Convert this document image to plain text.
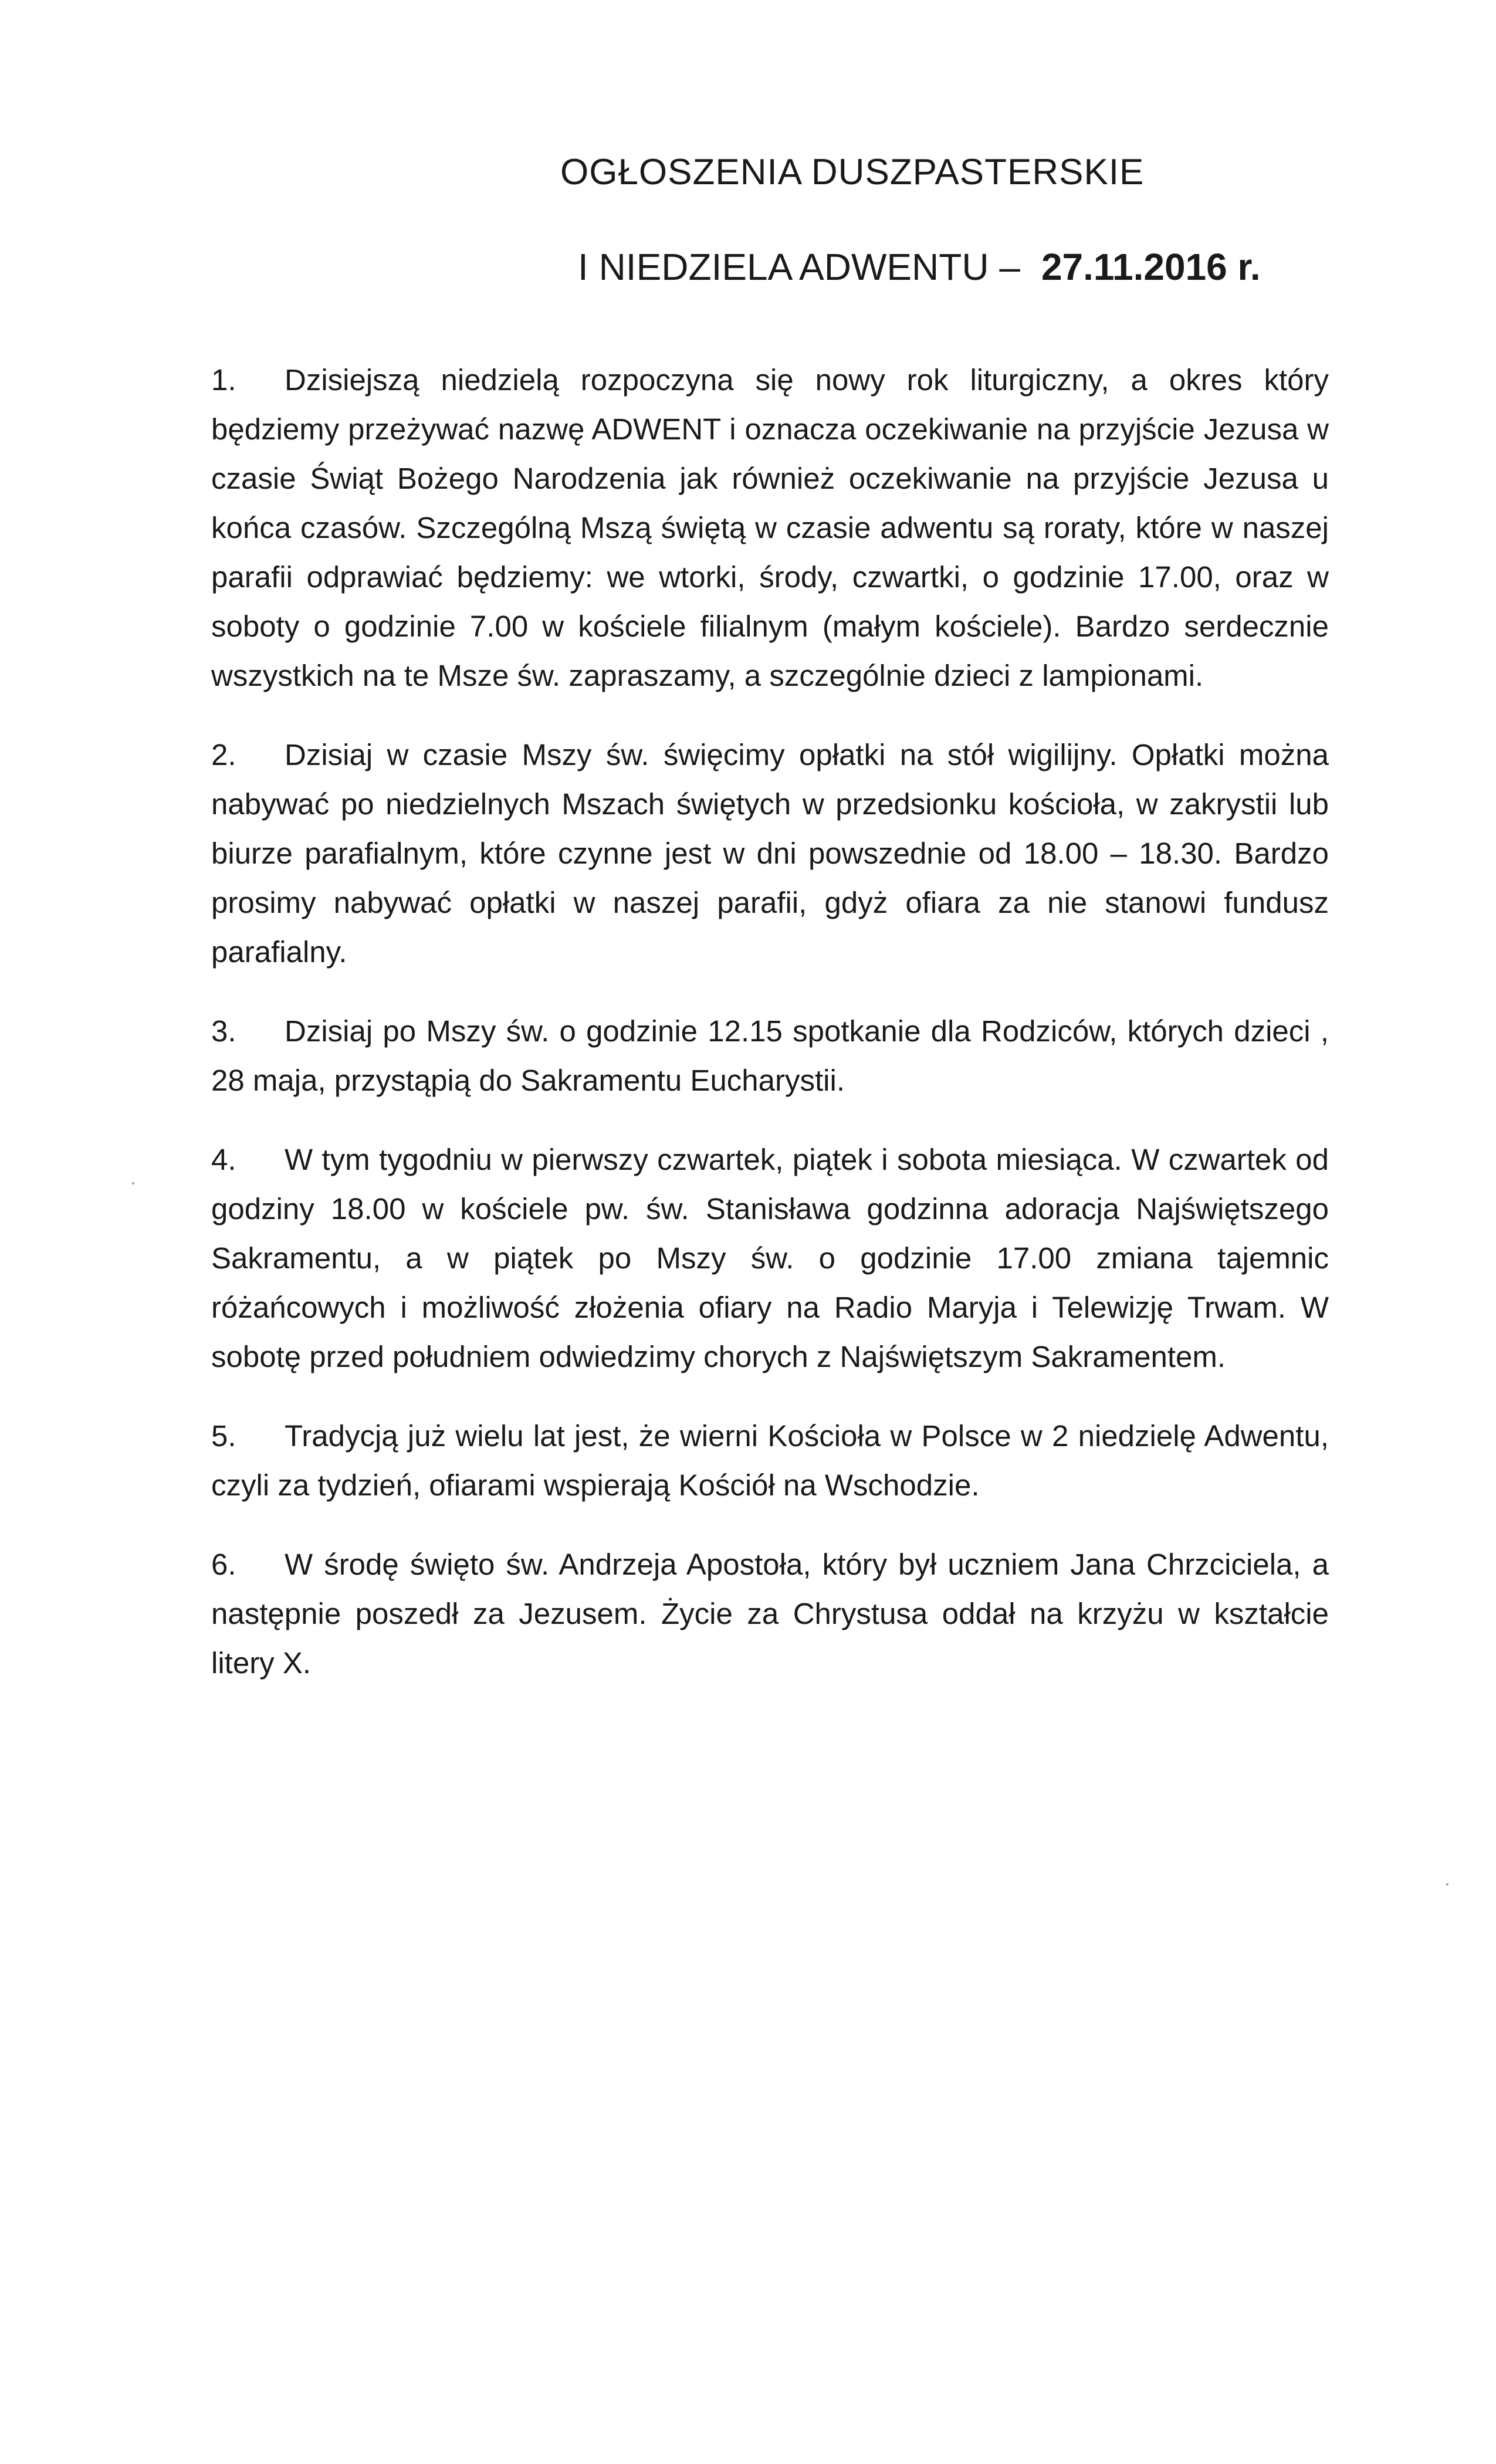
OGŁOSZENIA DUSZPASTERSKIE
I NIEDZIELA ADWENTU – 27.11.2016 r.

1. Dzisiejszą niedzielą rozpoczyna się nowy rok liturgiczny, a okres który będziemy przeżywać nazwę ADWENT i oznacza oczekiwanie na przyjście Jezusa w czasie Świąt Bożego Narodzenia jak również oczekiwanie na przyjście Jezusa u końca czasów. Szczególną Mszą świętą w czasie adwentu są roraty, które w naszej parafii odprawiać będziemy: we wtorki, środy, czwartki, o godzinie 17.00, oraz w soboty o godzinie 7.00 w kościele filialnym (małym kościele). Bardzo serdecznie wszystkich na te Msze św. zapraszamy, a szczególnie dzieci z lampionami.

2. Dzisiaj w czasie Mszy św. święcimy opłatki na stół wigilijny. Opłatki można nabywać po niedzielnych Mszach świętych w przedsionku kościoła, w zakrystii lub biurze parafialnym, które czynne jest w dni powszednie od 18.00 – 18.30. Bardzo prosimy nabywać opłatki w naszej parafii, gdyż ofiara za nie stanowi fundusz parafialny.

3. Dzisiaj po Mszy św. o godzinie 12.15 spotkanie dla Rodziców, których dzieci , 28 maja, przystąpią do Sakramentu Eucharystii.

4. W tym tygodniu w pierwszy czwartek, piątek i sobota miesiąca. W czwartek od godziny 18.00 w kościele pw. św. Stanisława godzinna adoracja Najświętszego Sakramentu, a w piątek po Mszy św. o godzinie 17.00 zmiana tajemnic różańcowych i możliwość złożenia ofiary na Radio Maryja i Telewizję Trwam. W sobotę przed południem odwiedzimy chorych z Najświętszym Sakramentem.

5. Tradycją już wielu lat jest, że wierni Kościoła w Polsce w 2 niedzielę Adwentu, czyli za tydzień, ofiarami wspierają Kościół na Wschodzie.

6. W środę święto św. Andrzeja Apostoła, który był uczniem Jana Chrzciciela, a następnie poszedł za Jezusem. Życie za Chrystusa oddał na krzyżu w kształcie litery X.
